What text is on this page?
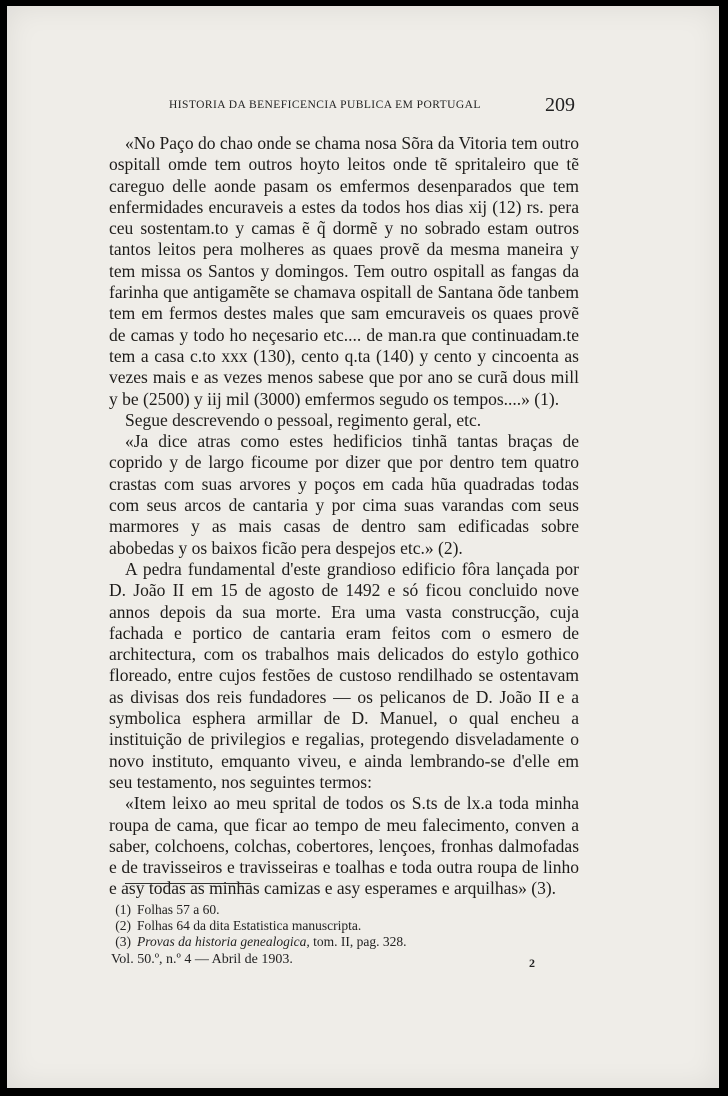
HISTORIA DA BENEFICENCIA PUBLICA EM PORTUGAL	209

«No Paço do chao onde se chama nosa Sõra da Vitoria tem outro ospitall omde tem outros hoyto leitos onde tẽ spritaleiro que tẽ careguo delle aonde pasam os emfermos desenparados que tem enfermidades encuraveis a estes da todos hos dias xij (12) rs. pera ceu sostentam.to y camas ẽ q̃ dormẽ y no sobrado estam outros tantos leitos pera molheres as quaes provẽ da mesma maneira y tem missa os Santos y domingos. Tem outro ospitall as fangas da farinha que antigamẽte se chamava ospitall de Santana õde tanbem tem em fermos destes males que sam emcuraveis os quaes provẽ de camas y todo ho neçesario etc.... de man.ra que continuadam.te tem a casa c.to xxx (130), cento q.ta (140) y cento y cincoenta as vezes mais e as vezes menos sabese que por ano se curã dous mill y be (2500) y iij mil (3000) emfermos segudo os tempos....» (1).

Segue descrevendo o pessoal, regimento geral, etc.

«Ja dice atras como estes hedificios tinhã tantas braças de coprido y de largo ficoume por dizer que por dentro tem quatro crastas com suas arvores y poços em cada hũa quadradas todas com seus arcos de cantaria y por cima suas varandas com seus marmores y as mais casas de dentro sam edificadas sobre abobedas y os baixos ficão pera despejos etc.» (2).

A pedra fundamental d'este grandioso edificio fôra lançada por D. João II em 15 de agosto de 1492 e só ficou concluido nove annos depois da sua morte. Era uma vasta construcção, cuja fachada e portico de cantaria eram feitos com o esmero de architectura, com os trabalhos mais delicados do estylo gothico floreado, entre cujos festões de custoso rendilhado se ostentavam as divisas dos reis fundadores — os pelicanos de D. João II e a symbolica esphera armillar de D. Manuel, o qual encheu a instituição de privilegios e regalias, protegendo disveladamente o novo instituto, emquanto viveu, e ainda lembrando-se d'elle em seu testamento, nos seguintes termos:

«Item leixo ao meu sprital de todos os S.ts de lx.a toda minha roupa de cama, que ficar ao tempo de meu falecimento, conven a saber, colchoens, colchas, cobertores, lençoes, fronhas dalmofadas e de travisseiros e travisseiras e toalhas e toda outra roupa de linho e asy todas as minhas camizas e asy esperames e arquilhas» (3).

(1) Folhas 57 a 60.
(2) Folhas 64 da dita Estatistica manuscripta.
(3) Provas da historia genealogica, tom. II, pag. 328.
Vol. 50.º, n.º 4 — Abril de 1903.	2
